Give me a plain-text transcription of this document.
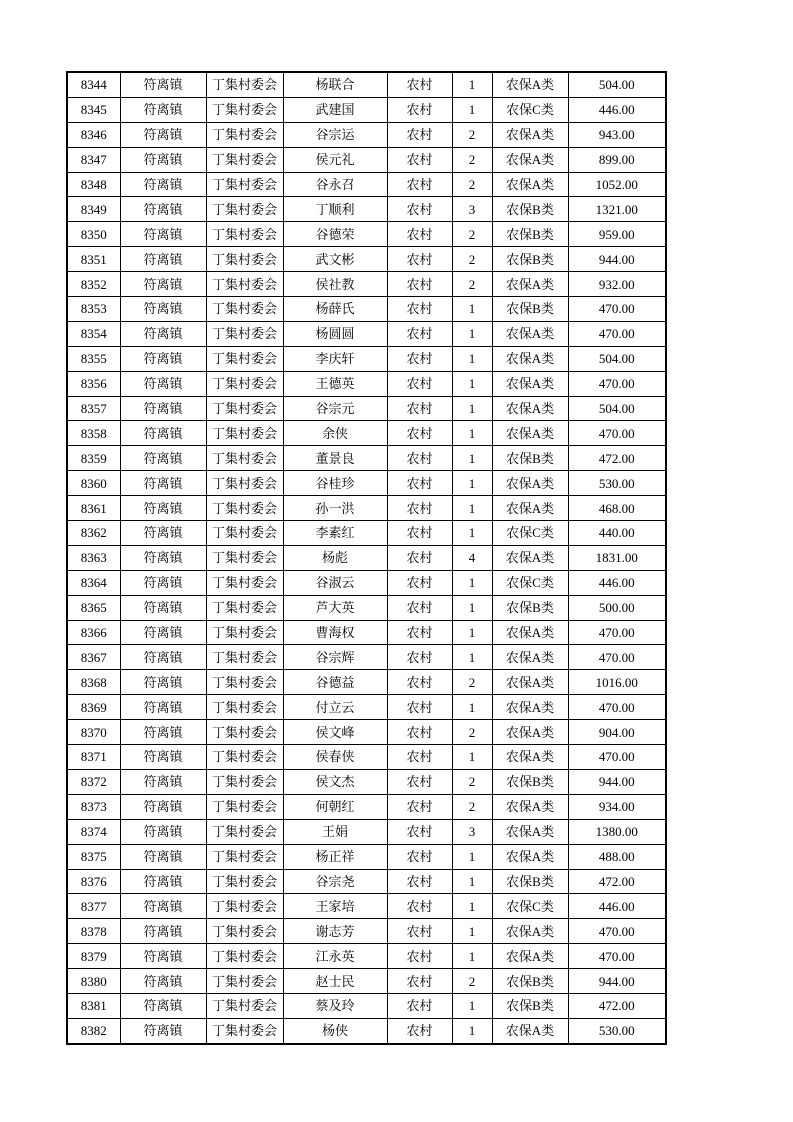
8344	符离镇	丁集村委会	杨联合	农村	1	农保A类	504.00
8345	符离镇	丁集村委会	武建国	农村	1	农保C类	446.00
8346	符离镇	丁集村委会	谷宗运	农村	2	农保A类	943.00
8347	符离镇	丁集村委会	侯元礼	农村	2	农保A类	899.00
8348	符离镇	丁集村委会	谷永召	农村	2	农保A类	1052.00
8349	符离镇	丁集村委会	丁顺利	农村	3	农保B类	1321.00
8350	符离镇	丁集村委会	谷德荣	农村	2	农保B类	959.00
8351	符离镇	丁集村委会	武文彬	农村	2	农保B类	944.00
8352	符离镇	丁集村委会	侯社教	农村	2	农保A类	932.00
8353	符离镇	丁集村委会	杨薛氏	农村	1	农保B类	470.00
8354	符离镇	丁集村委会	杨圆圆	农村	1	农保A类	470.00
8355	符离镇	丁集村委会	李庆轩	农村	1	农保A类	504.00
8356	符离镇	丁集村委会	王德英	农村	1	农保A类	470.00
8357	符离镇	丁集村委会	谷宗元	农村	1	农保A类	504.00
8358	符离镇	丁集村委会	余侠	农村	1	农保A类	470.00
8359	符离镇	丁集村委会	董景良	农村	1	农保B类	472.00
8360	符离镇	丁集村委会	谷桂珍	农村	1	农保A类	530.00
8361	符离镇	丁集村委会	孙一洪	农村	1	农保A类	468.00
8362	符离镇	丁集村委会	李素红	农村	1	农保C类	440.00
8363	符离镇	丁集村委会	杨彪	农村	4	农保A类	1831.00
8364	符离镇	丁集村委会	谷淑云	农村	1	农保C类	446.00
8365	符离镇	丁集村委会	芦大英	农村	1	农保B类	500.00
8366	符离镇	丁集村委会	曹海权	农村	1	农保A类	470.00
8367	符离镇	丁集村委会	谷宗辉	农村	1	农保A类	470.00
8368	符离镇	丁集村委会	谷德益	农村	2	农保A类	1016.00
8369	符离镇	丁集村委会	付立云	农村	1	农保A类	470.00
8370	符离镇	丁集村委会	侯文峰	农村	2	农保A类	904.00
8371	符离镇	丁集村委会	侯春侠	农村	1	农保A类	470.00
8372	符离镇	丁集村委会	侯文杰	农村	2	农保B类	944.00
8373	符离镇	丁集村委会	何朝红	农村	2	农保A类	934.00
8374	符离镇	丁集村委会	王娟	农村	3	农保A类	1380.00
8375	符离镇	丁集村委会	杨正祥	农村	1	农保A类	488.00
8376	符离镇	丁集村委会	谷宗尧	农村	1	农保B类	472.00
8377	符离镇	丁集村委会	王家培	农村	1	农保C类	446.00
8378	符离镇	丁集村委会	谢志芳	农村	1	农保A类	470.00
8379	符离镇	丁集村委会	江永英	农村	1	农保A类	470.00
8380	符离镇	丁集村委会	赵士民	农村	2	农保B类	944.00
8381	符离镇	丁集村委会	蔡及玲	农村	1	农保B类	472.00
8382	符离镇	丁集村委会	杨侠	农村	1	农保A类	530.00
